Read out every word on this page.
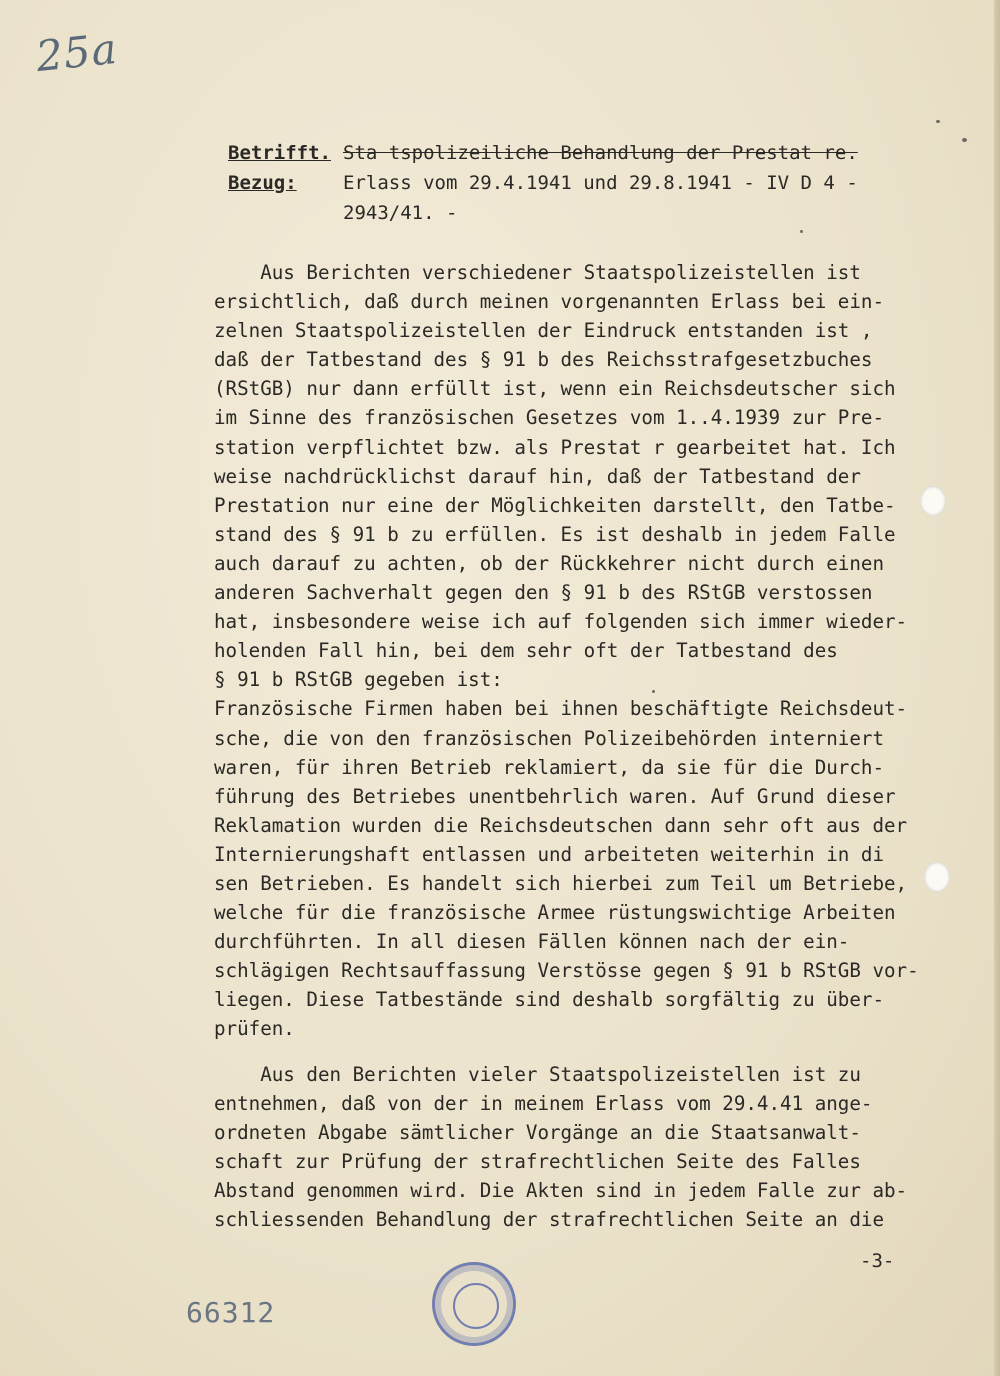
25a
Betrifft. Sta tspolizeiliche Behandlung der Prestat re.
Bezug:	Erlass vom 29.4.1941 und 29.8.1941 - IV D 4 -
2943/41. -
Aus Berichten verschiedener Staatspolizeistellen ist
ersichtlich, daß durch meinen vorgenannten Erlass bei ein-
zelnen Staatspolizeistellen der Eindruck entstanden ist ,
daß der Tatbestand des § 91 b des Reichsstrafgesetzbuches
(RStGB) nur dann erfüllt ist, wenn ein Reichsdeutscher sich
im Sinne des französischen Gesetzes vom 1..4.1939 zur Pre-
station verpflichtet bzw. als Prestat r gearbeitet hat. Ich
weise nachdrücklichst darauf hin, daß der Tatbestand der
Prestation nur eine der Möglichkeiten darstellt, den Tatbe-
stand des § 91 b zu erfüllen. Es ist deshalb in jedem Falle
auch darauf zu achten, ob der Rückkehrer nicht durch einen
anderen Sachverhalt gegen den § 91 b des RStGB verstossen
hat, insbesondere weise ich auf folgenden sich immer wieder-
holenden Fall hin, bei dem sehr oft der Tatbestand des
§ 91 b RStGB gegeben ist:
Französische Firmen haben bei ihnen beschäftigte Reichsdeut-
sche, die von den französischen Polizeibehörden interniert
waren, für ihren Betrieb reklamiert, da sie für die Durch-
führung des Betriebes unentbehrlich waren. Auf Grund dieser
Reklamation wurden die Reichsdeutschen dann sehr oft aus der
Internierungshaft entlassen und arbeiteten weiterhin in di
sen Betrieben. Es handelt sich hierbei zum Teil um Betriebe,
welche für die französische Armee rüstungswichtige Arbeiten
durchführten. In all diesen Fällen können nach der ein-
schlägigen Rechtsauffassung Verstösse gegen § 91 b RStGB vor-
liegen. Diese Tatbestände sind deshalb sorgfältig zu über-
prüfen.
Aus den Berichten vieler Staatspolizeistellen ist zu
entnehmen, daß von der in meinem Erlass vom 29.4.41 ange-
ordneten Abgabe sämtlicher Vorgänge an die Staatsanwalt-
schaft zur Prüfung der strafrechtlichen Seite des Falles
Abstand genommen wird. Die Akten sind in jedem Falle zur ab-
schliessenden Behandlung der strafrechtlichen Seite an die
-3-
66312
